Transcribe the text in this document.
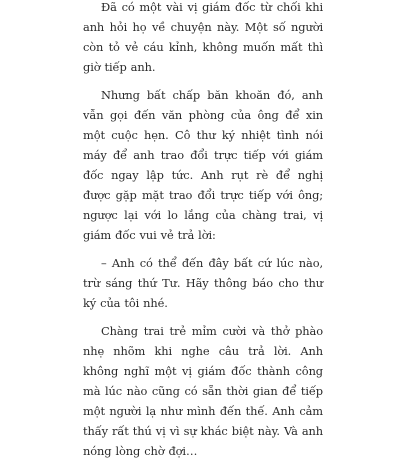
Đã có một vài vị giám đốc từ chối khi anh hỏi họ về chuyện này. Một số người còn tỏ vẻ cáu kỉnh, không muốn mất thì giờ tiếp anh.

Nhưng bất chấp băn khoăn đó, anh vẫn gọi đến văn phòng của ông để xin một cuộc hẹn. Cô thư ký nhiệt tình nói máy để anh trao đổi trực tiếp với giám đốc ngay lập tức. Anh rụt rè để nghị được gặp mặt trao đổi trực tiếp với ông; ngược lại với lo lắng của chàng trai, vị giám đốc vui vẻ trả lời:

– Anh có thể đến đây bất cứ lúc nào, trừ sáng thứ Tư. Hãy thông báo cho thư ký của tôi nhé.

Chàng trai trẻ mỉm cười và thở phào nhẹ nhõm khi nghe câu trả lời. Anh không nghĩ một vị giám đốc thành công mà lúc nào cũng có sẵn thời gian để tiếp một người lạ như mình đến thế. Anh cảm thấy rất thú vị vì sự khác biệt này. Và anh nóng lòng chờ đợi…
